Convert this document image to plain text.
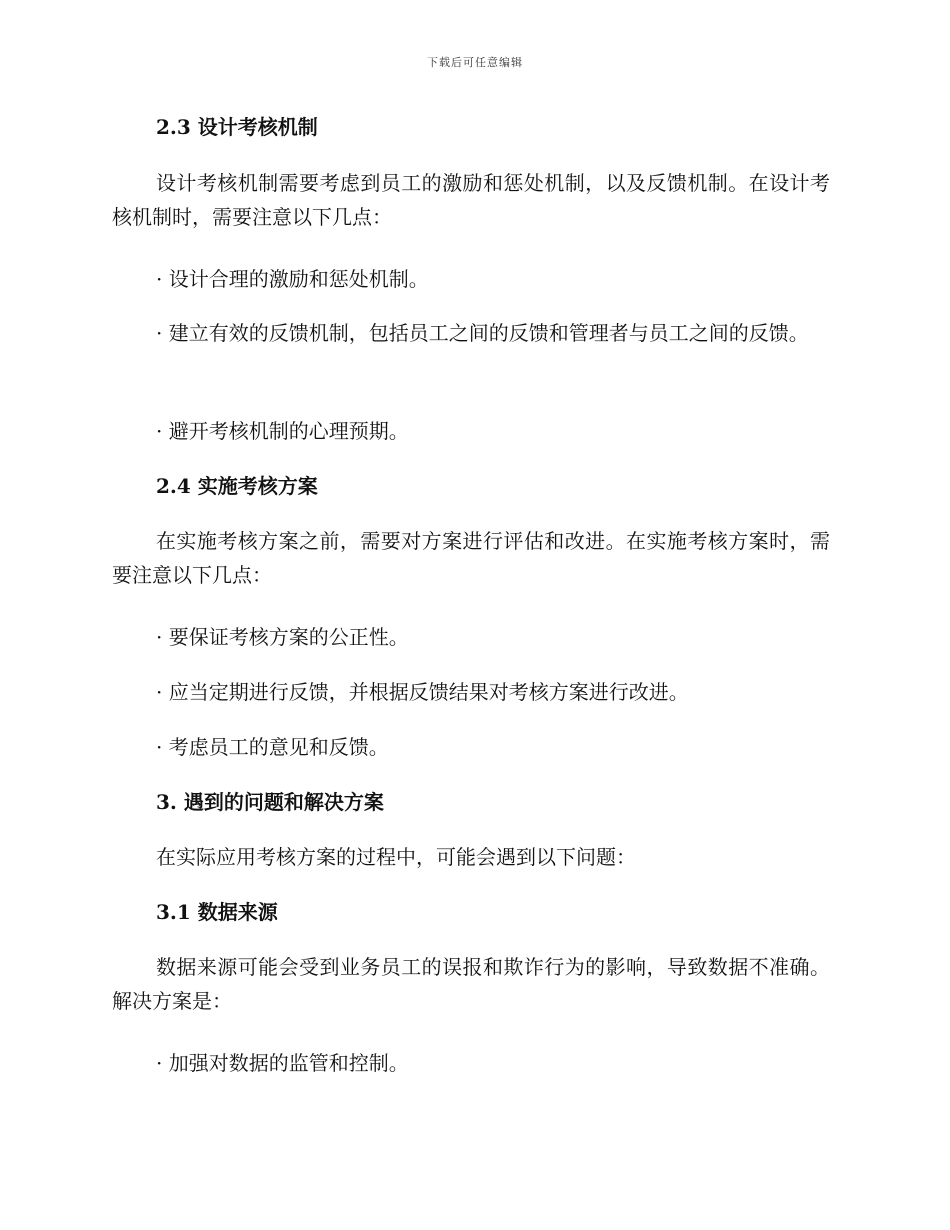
下载后可任意编辑
2.3 设计考核机制
设计考核机制需要考虑到员工的激励和惩处机制，以及反馈机制。在设计考核机制时，需要注意以下几点：
· 设计合理的激励和惩处机制。
· 建立有效的反馈机制，包括员工之间的反馈和管理者与员工之间的反馈。
· 避开考核机制的心理预期。
2.4 实施考核方案
在实施考核方案之前，需要对方案进行评估和改进。在实施考核方案时，需要注意以下几点：
· 要保证考核方案的公正性。
· 应当定期进行反馈，并根据反馈结果对考核方案进行改进。
· 考虑员工的意见和反馈。
3. 遇到的问题和解决方案
在实际应用考核方案的过程中，可能会遇到以下问题：
3.1 数据来源
数据来源可能会受到业务员工的误报和欺诈行为的影响，导致数据不准确。解决方案是：
· 加强对数据的监管和控制。
